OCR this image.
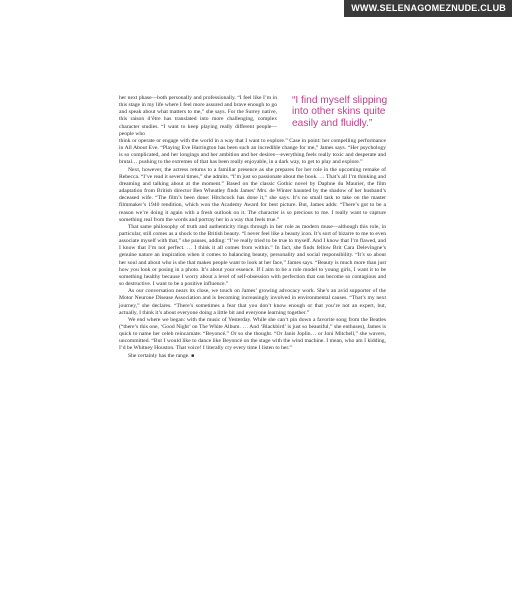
WWW.SELENAGOMEZNUDE.CLUB
“I find myself slipping into other skins quite easily and fluidly.”

her next phase—both personally and professionally. “I feel like I’m in this stage in my life where I feel more assured and brave enough to go and speak about what matters to me,” she says. For the Surrey native, this raison d’être has translated into more challenging, complex character studies. “I want to keep playing really different people—people who

think or operate or engage with the world in a way that I want to explore.” Case in point: her compelling performance in All About Eve. “Playing Eve Harrington has been such an incredible change for me,” James says. “Her psychology is so complicated, and her longings and her ambition and her desires—everything feels really toxic and desperate and brutal… pushing to the extremes of that has been really enjoyable, in a dark way, to get to play and explore.”

Next, however, the actress returns to a familiar presence as she prepares for her role in the upcoming remake of Rebecca. “I’ve read it several times,” she admits. “I’m just so passionate about the book. … That’s all I’m thinking and dreaming and talking about at the moment.” Based on the classic Gothic novel by Daphne du Maurier, the film adaptation from British director Ben Wheatley finds James’ Mrs. de Winter haunted by the shadow of her husband’s deceased wife. “The film’s been done: Hitchcock has done it,” she says. It’s no small task to take on the master filmmaker’s 1940 rendition, which won the Academy Award for best picture. But, James adds: “There’s got to be a reason we’re doing it again with a fresh outlook on it. The character is so precious to me. I really want to capture something real from the words and portray her in a way that feels true.”

That same philosophy of truth and authenticity rings through in her role as modern muse—although this role, in particular, still comes as a shock to the British beauty. “I never feel like a beauty icon. It’s sort of bizarre to me to even associate myself with that,” she pauses, adding: “I’ve really tried to be true to myself. And I know that I’m flawed, and I know that I’m not perfect. … I think it all comes from within.” In fact, she finds fellow Brit Cara Delevingne’s genuine nature an inspiration when it comes to balancing beauty, personality and social responsibility. “It’s so about her soul and about who is she that makes people want to look at her face,” James says. “Beauty is much more than just how you look or posing in a photo. It’s about your essence. If I aim to be a role model to young girls, I want it to be something healthy because I worry about a level of self-obsession with perfection that can become so contagious and so destructive. I want to be a positive influence.”

As our conversation nears its close, we touch on James’ growing advocacy work. She’s an avid supporter of the Motor Neurone Disease Association and is becoming increasingly involved in environmental causes. “That’s my next journey,” she declares. “There’s sometimes a fear that you don’t know enough or that you’re not an expert, but, actually, I think it’s about everyone doing a little bit and everyone learning together.”

We end where we began: with the music of Yesterday. While she can’t pin down a favorite song from the Beatles (“there’s this one, ‘Good Night’ on The White Album. … And ‘Blackbird’ is just so beautiful,” she enthuses), James is quick to name her celeb reincarnate. “Beyoncé.” Or so she thought. “Or Janis Joplin… or Joni Mitchell,” she wavers, uncommitted. “But I would like to dance like Beyoncé on the stage with the wind machine. I mean, who am I kidding, I’d be Whitney Houston. That voice! I literally cry every time I listen to her.”

She certainly has the range. ■
